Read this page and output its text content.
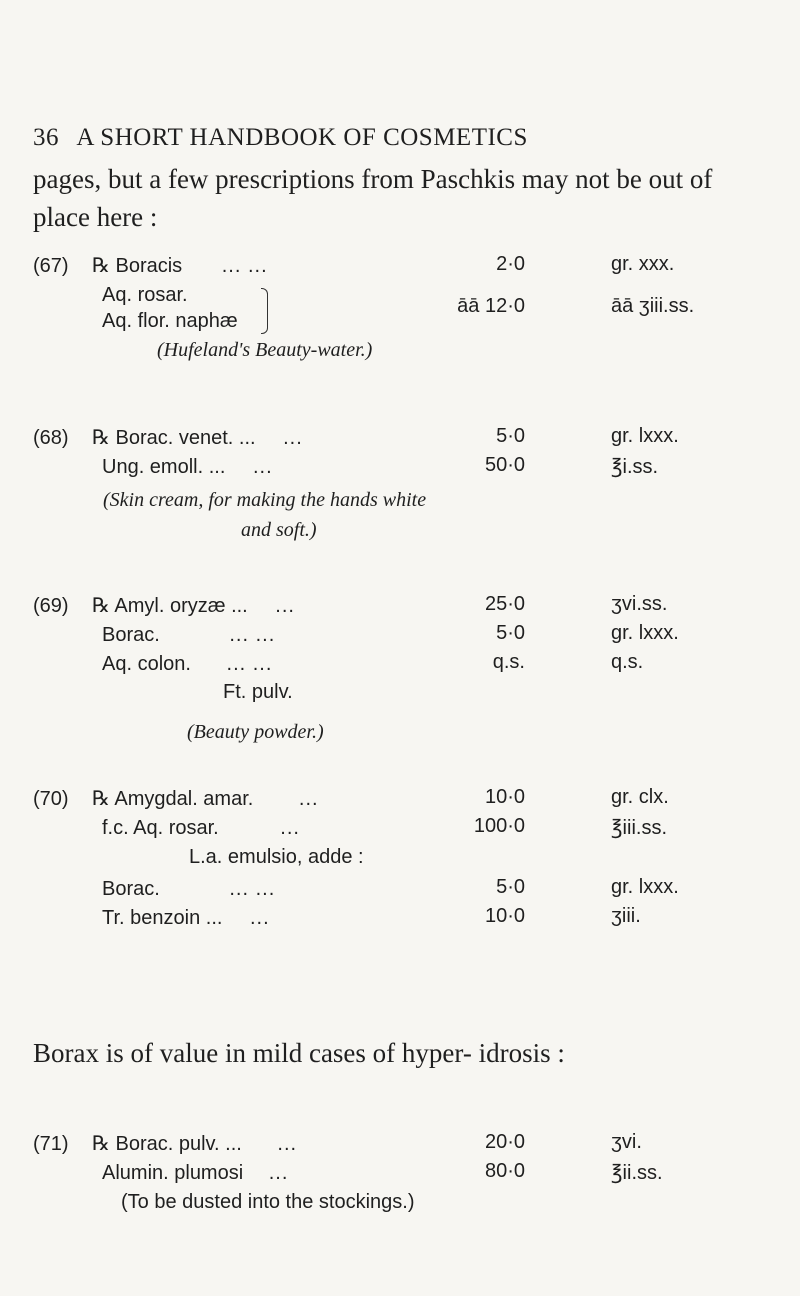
36 A SHORT HANDBOOK OF COSMETICS
pages, but a few prescriptions from Paschkis may not be out of place here :
(67) ℞ Boracis ... ...	2·0	gr. xxx.
Aq. rosar.
Aq. flor. naphæ
āā 12·0	āā ʒiii.ss.
(Hufeland's Beauty-water.)
(68) ℞ Borac. venet. ... ...	5·0	gr. lxxx.
Ung. emoll. ... ...	50·0	℥i.ss.
(Skin cream, for making the hands white
and soft.)
(69) ℞ Amyl. oryzæ ... ...	25·0	ʒvi.ss.
Borac.	... ...	5·0	gr. lxxx.
Aq. colon. ... ...	q.s.	q.s.
Ft. pulv.
(Beauty powder.)
(70) ℞ Amygdal. amar. ...	10·0	gr. clx.
f.c. Aq. rosar.	...	100·0	℥iii.ss.
L.a. emulsio, adde :
Borac.	... ...	5·0	gr. lxxx.
Tr. benzoin ... ...	10·0	ʒiii.
Borax is of value in mild cases of hyper- idrosis :
(71) ℞ Borac. pulv. ... ...	20·0	ʒvi.
Alumin. plumosi ...	80·0	℥ii.ss.
(To be dusted into the stockings.)
